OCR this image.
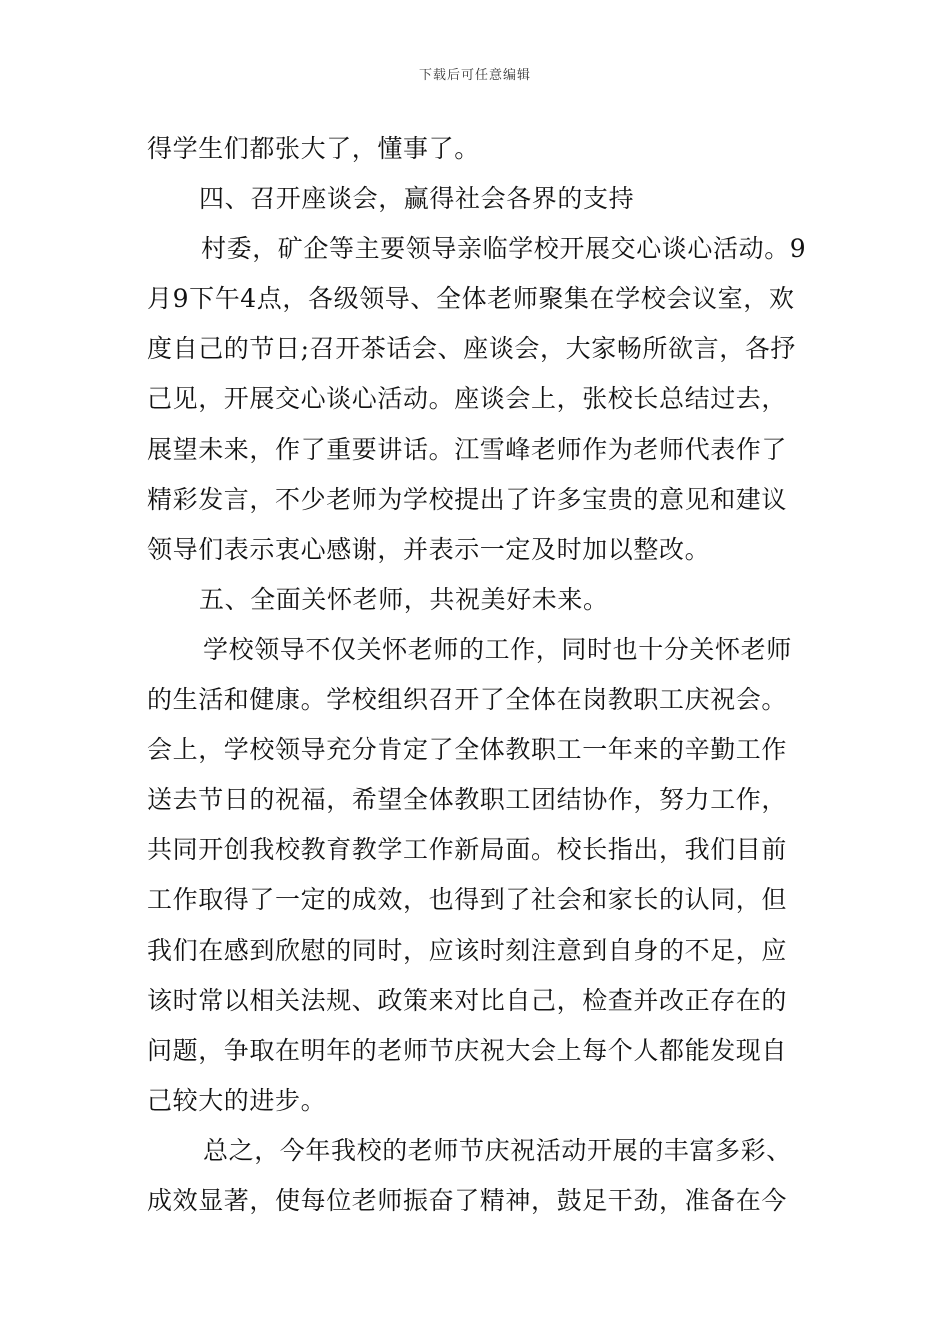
下载后可任意编辑
得学生们都张大了，懂事了。
四、召开座谈会，赢得社会各界的支持
村委，矿企等主要领导亲临学校开展交心谈心活动。9
月9下午4点，各级领导、全体老师聚集在学校会议室，欢
度自己的节日;召开茶话会、座谈会，大家畅所欲言，各抒
己见，开展交心谈心活动。座谈会上，张校长总结过去，
展望未来，作了重要讲话。江雪峰老师作为老师代表作了
精彩发言，不少老师为学校提出了许多宝贵的意见和建议
领导们表示衷心感谢，并表示一定及时加以整改。
五、全面关怀老师，共祝美好未来。
学校领导不仅关怀老师的工作，同时也十分关怀老师
的生活和健康。学校组织召开了全体在岗教职工庆祝会。
会上，学校领导充分肯定了全体教职工一年来的辛勤工作
送去节日的祝福，希望全体教职工团结协作，努力工作，
共同开创我校教育教学工作新局面。校长指出，我们目前
工作取得了一定的成效，也得到了社会和家长的认同，但
我们在感到欣慰的同时，应该时刻注意到自身的不足，应
该时常以相关法规、政策来对比自己，检查并改正存在的
问题，争取在明年的老师节庆祝大会上每个人都能发现自
己较大的进步。
总之，今年我校的老师节庆祝活动开展的丰富多彩、
成效显著，使每位老师振奋了精神，鼓足干劲，准备在今
